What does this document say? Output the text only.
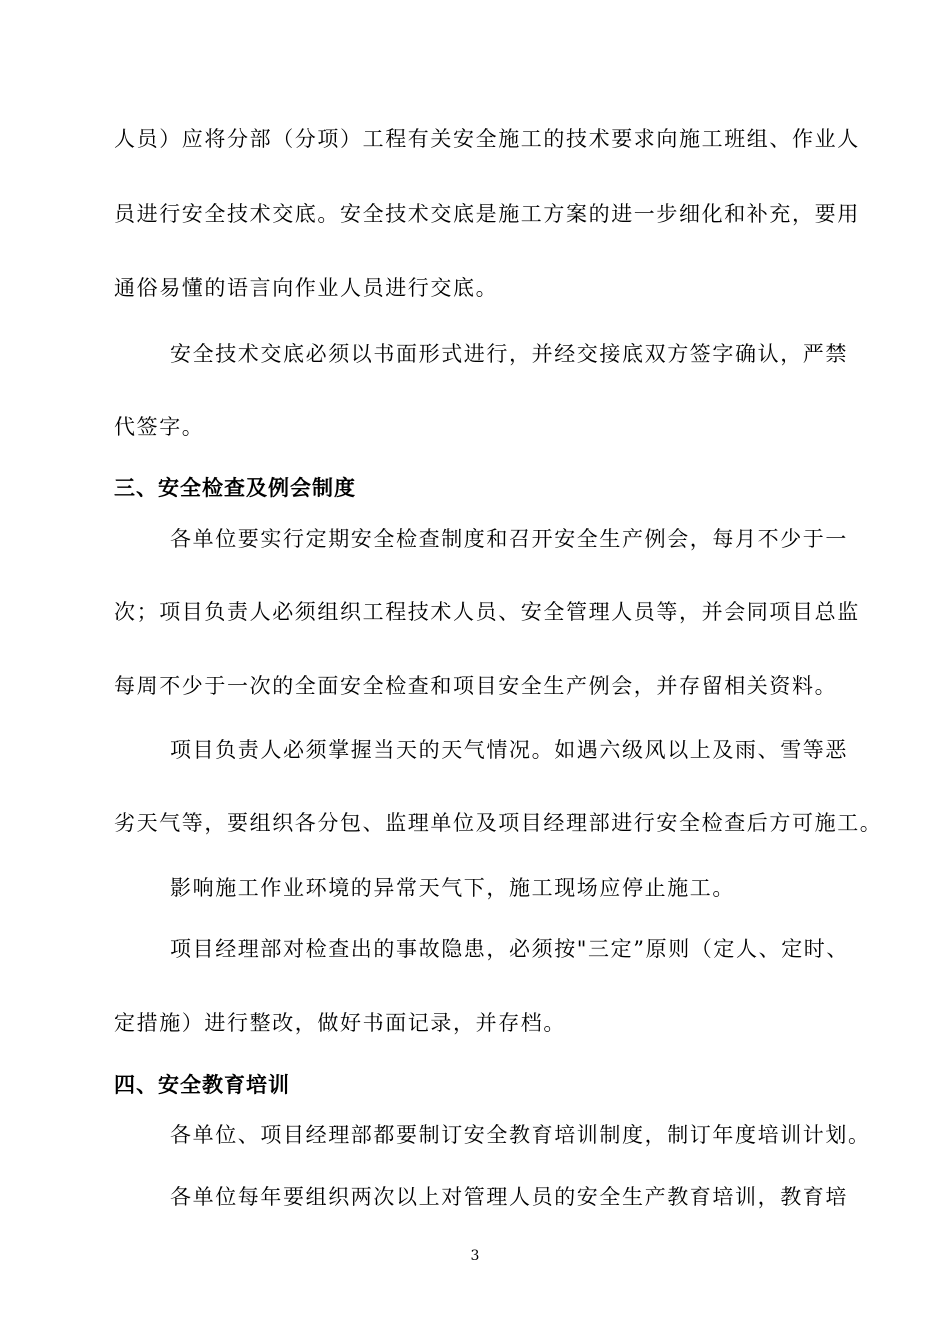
人员）应将分部（分项）工程有关安全施工的技术要求向施工班组、作业人
员进行安全技术交底。安全技术交底是施工方案的进一步细化和补充，要用
通俗易懂的语言向作业人员进行交底。
安全技术交底必须以书面形式进行，并经交接底双方签字确认，严禁
代签字。
三、安全检查及例会制度
各单位要实行定期安全检查制度和召开安全生产例会，每月不少于一
次；项目负责人必须组织工程技术人员、安全管理人员等，并会同项目总监
每周不少于一次的全面安全检查和项目安全生产例会，并存留相关资料。
项目负责人必须掌握当天的天气情况。如遇六级风以上及雨、雪等恶
劣天气等，要组织各分包、监理单位及项目经理部进行安全检查后方可施工。
影响施工作业环境的异常天气下，施工现场应停止施工。
项目经理部对检查出的事故隐患，必须按"三定”原则（定人、定时、
定措施）进行整改，做好书面记录，并存档。
四、安全教育培训
各单位、项目经理部都要制订安全教育培训制度，制订年度培训计划。
各单位每年要组织两次以上对管理人员的安全生产教育培训，教育培
3
